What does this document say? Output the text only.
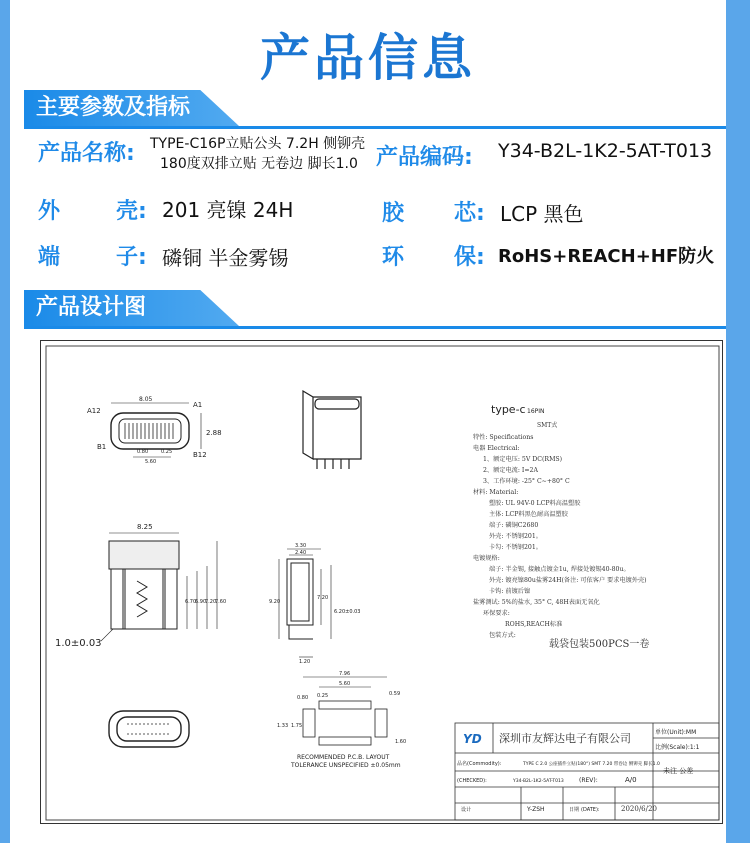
产品信息
主要参数及指标
产品名称: TYPE-C16P立贴公头 7.2H 侧铆壳
180度双排立贴 无卷边 脚长1.0 产品编码: Y34-B2L-1K2-5AT-T013
外	壳: 201 亮镍 24H	胶 芯: LCP 黑色
端	子: 磷铜 半金雾锡	环 保: RoHS+REACH+HF防火
产品设计图
8.05
2.88
A12
A1
B1
B12
0.80	0.25
5.60
8.25
6.70
6.90
7.20
7.60
1.0±0.03
3.30
2.40
9.20
7.20
6.20±0.03
1.20
7.96
5.60
0.80 0.25	0.59
1.33 1.75
1.60
RECOMMENDED P.C.B. LAYOUT
TOLERANCE UNSPECIFIED ±0.05mm
type-c 16PIN
SMT式
特性: Specifications
电器 Electrical:
1、额定电压: 5V DC(RMS)
2、额定电流: I=2A
3、工作环境: -25° C~+80° C
材料: Material:
塑胶: UL 94V-0 LCP料高温塑胶
主体: LCP料黑色耐高温塑胶
端子: 磷铜C2680
外壳: 不锈钢201。
卡勾: 不锈钢201。
电镀规格:
端子: 半金锡, 接触点镀金1u, 焊接处镀锡40-80u。
外壳: 镀亮镍80u盐雾24H(备注: 可依客户 要求电镀外壳)
卡钩: 前镀后镍
盐雾测试: 5%的盐水, 35° C, 48H表面无氧化
环保要求:
ROHS,REACH标准
包装方式:
载袋包装500PCS一卷
YD 深圳市友辉达电子有限公司	单位(Unit):MM
比例(Scale):1:1
品名(Commodity):	TYPE C 2.0 公座插件立贴(180°) SMT 7.20 带卷边 侧铆壳 脚长1.0
(CHECKED):	Y34-B2L-1K2-5AT-T013	(REV):	A/0
未注 公差
设计	Y-ZSH	日期 (DATE):	2020/6/20
